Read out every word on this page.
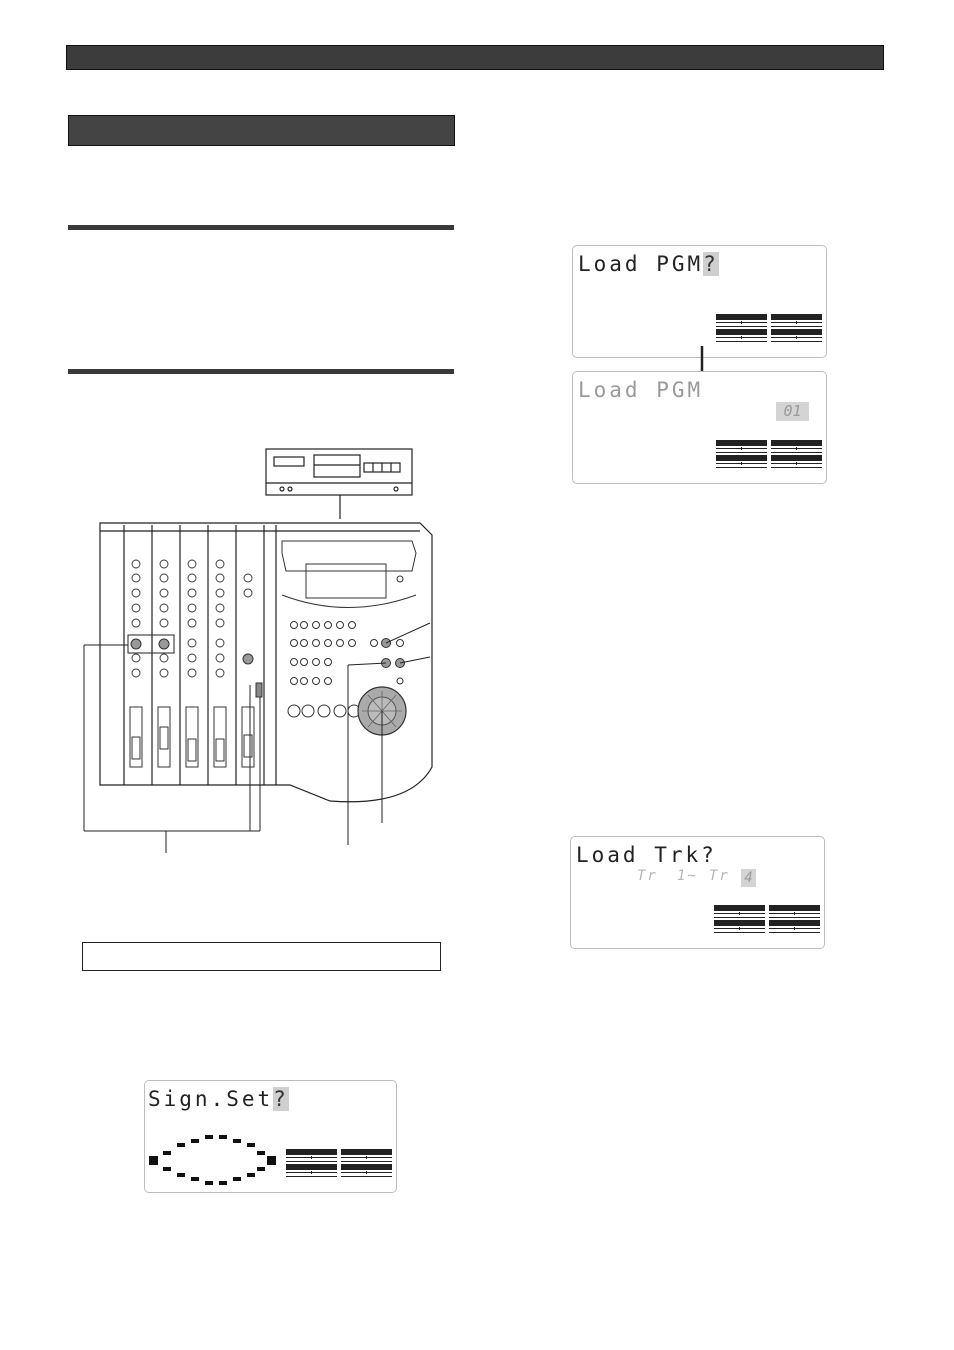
Load PGM?
Load PGM
01
Load Trk?
Tr 1~ Tr 4
Sign.Set?
